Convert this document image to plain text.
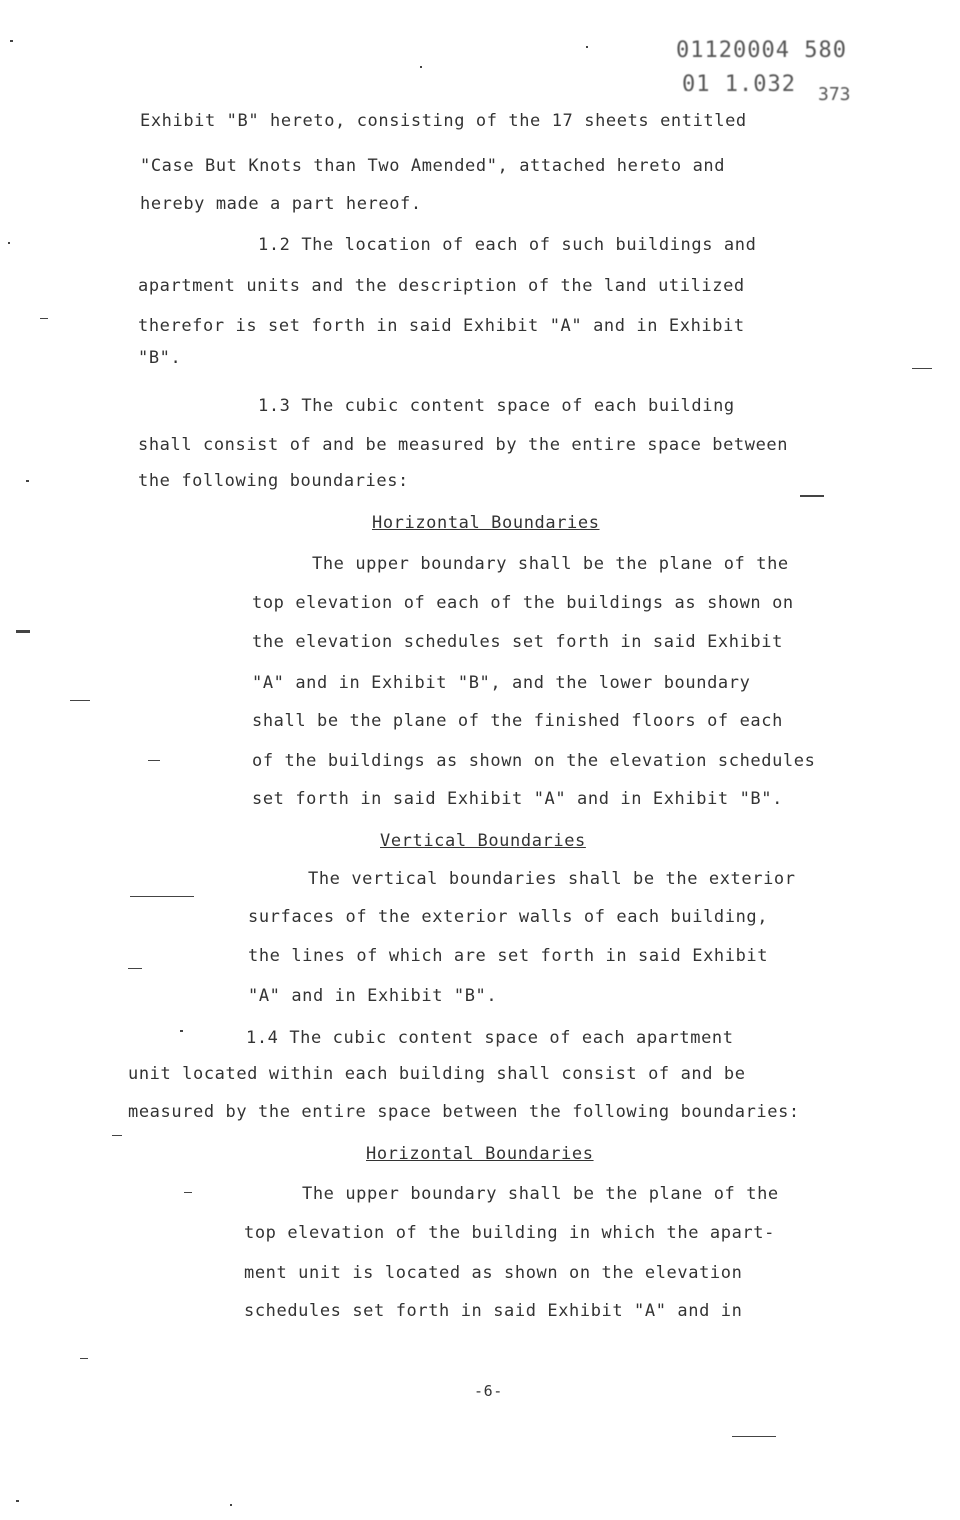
01120004 580
01 1.032 373
Exhibit "B" hereto, consisting of the 17 sheets entitled
"Case But Knots than Two Amended", attached hereto and
hereby made a part hereof.
1.2 The location of each of such buildings and
apartment units and the description of the land utilized
therefor is set forth in said Exhibit "A" and in Exhibit
"B".
1.3 The cubic content space of each building
shall consist of and be measured by the entire space between
the following boundaries:
Horizontal Boundaries
The upper boundary shall be the plane of the
top elevation of each of the buildings as shown on
the elevation schedules set forth in said Exhibit
"A" and in Exhibit "B", and the lower boundary
shall be the plane of the finished floors of each
of the buildings as shown on the elevation schedules
set forth in said Exhibit "A" and in Exhibit "B".
Vertical Boundaries
The vertical boundaries shall be the exterior
surfaces of the exterior walls of each building,
the lines of which are set forth in said Exhibit
"A" and in Exhibit "B".
1.4 The cubic content space of each apartment
unit located within each building shall consist of and be
measured by the entire space between the following boundaries:
Horizontal Boundaries
The upper boundary shall be the plane of the
top elevation of the building in which the apart-
ment unit is located as shown on the elevation
schedules set forth in said Exhibit "A" and in
-6-
